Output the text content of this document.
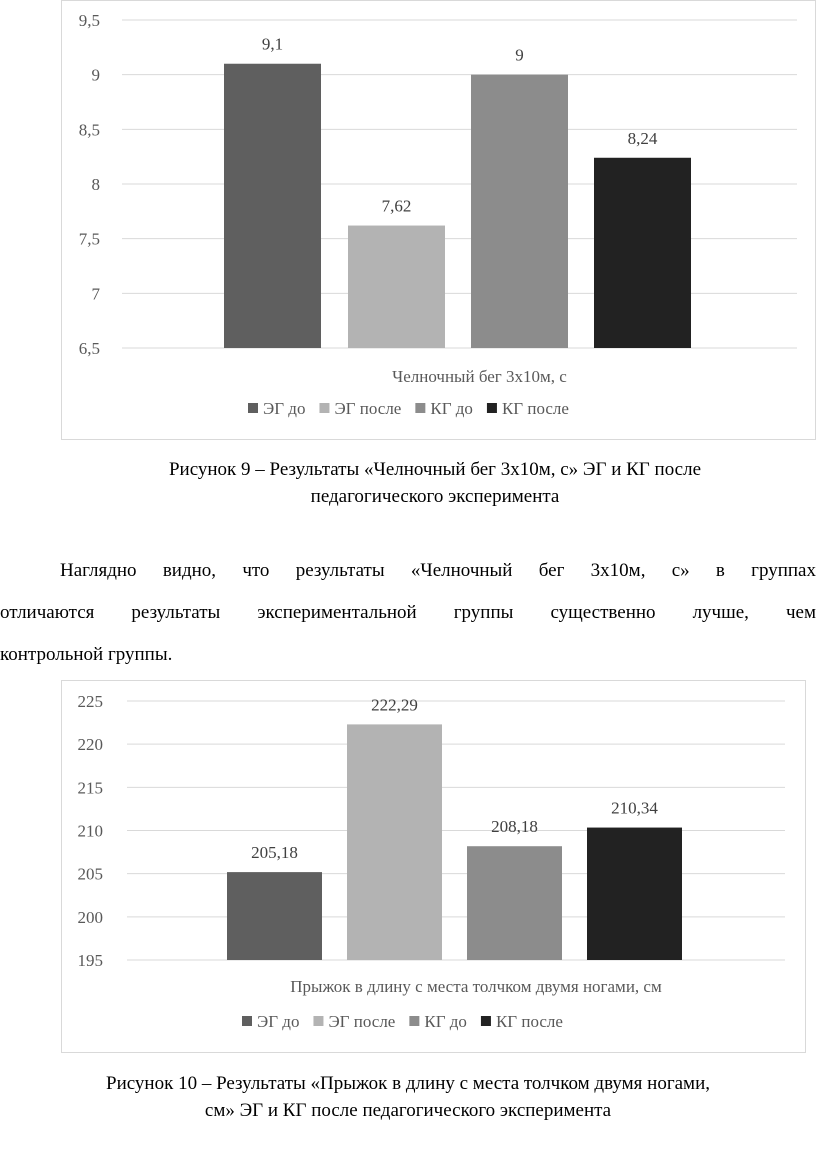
6,5
7
7,5
8
8,5
9
9,5
9,1
7,62
9
8,24
Челночный бег 3х10м, с
ЭГ до ЭГ после КГ до КГ после
Рисунок 9 – Результаты «Челночный бег 3х10м, с» ЭГ и КГ после
педагогического эксперимента
Наглядно видно, что результаты «Челночный бег 3х10м, с» в группах
отличаются результаты экспериментальной группы существенно лучше, чем
контрольной группы.
195
200
205
210
215
220
225
205,18
222,29
208,18
210,34
Прыжок в длину с места толчком двумя ногами, см
ЭГ до ЭГ после КГ до КГ после
Рисунок 10 – Результаты «Прыжок в длину с места толчком двумя ногами,
см» ЭГ и КГ после педагогического эксперимента
